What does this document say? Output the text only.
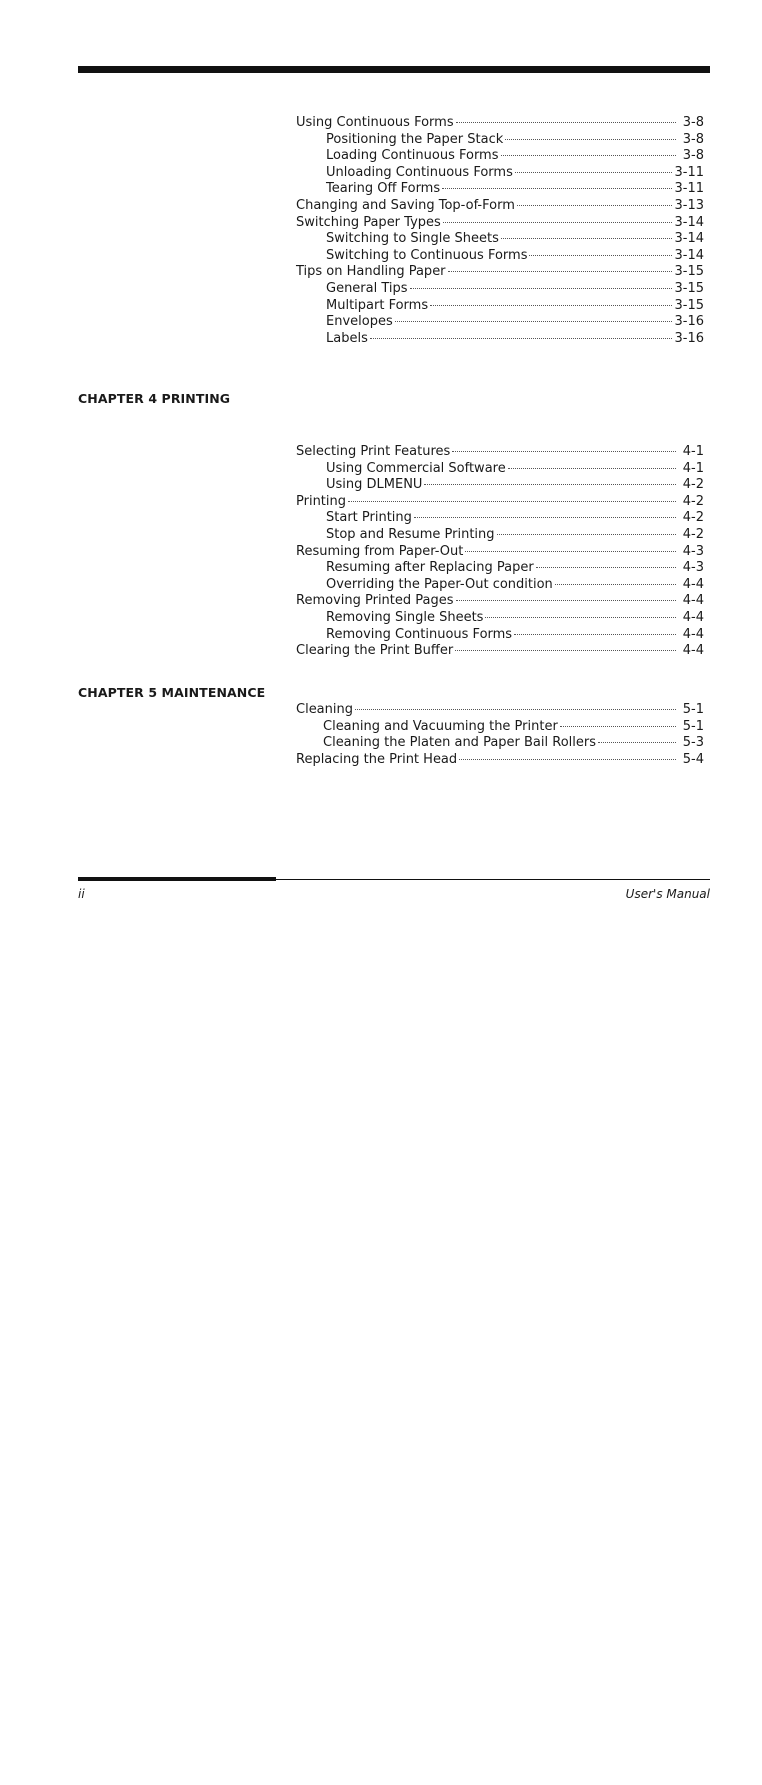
Using Continuous Forms	3-8
Positioning the Paper Stack	3-8
Loading Continuous Forms	3-8
Unloading Continuous Forms	3-11
Tearing Off Forms	3-11
Changing and Saving Top-of-Form	3-13
Switching Paper Types	3-14
Switching to Single Sheets	3-14
Switching to Continuous Forms	3-14
Tips on Handling Paper	3-15
General Tips	3-15
Multipart Forms	3-15
Envelopes	3-16
Labels	3-16
CHAPTER 4 PRINTING
Selecting Print Features	4-1
Using Commercial Software	4-1
Using DLMENU	4-2
Printing	4-2
Start Printing	4-2
Stop and Resume Printing	4-2
Resuming from Paper-Out	4-3
Resuming after Replacing Paper	4-3
Overriding the Paper-Out condition	4-4
Removing Printed Pages	4-4
Removing Single Sheets	4-4
Removing Continuous Forms	4-4
Clearing the Print Buffer	4-4
CHAPTER 5 MAINTENANCE
Cleaning	5-1
Cleaning and Vacuuming the Printer	5-1
Cleaning the Platen and Paper Bail Rollers	5-3
Replacing the Print Head	5-4
ii	User's Manual
